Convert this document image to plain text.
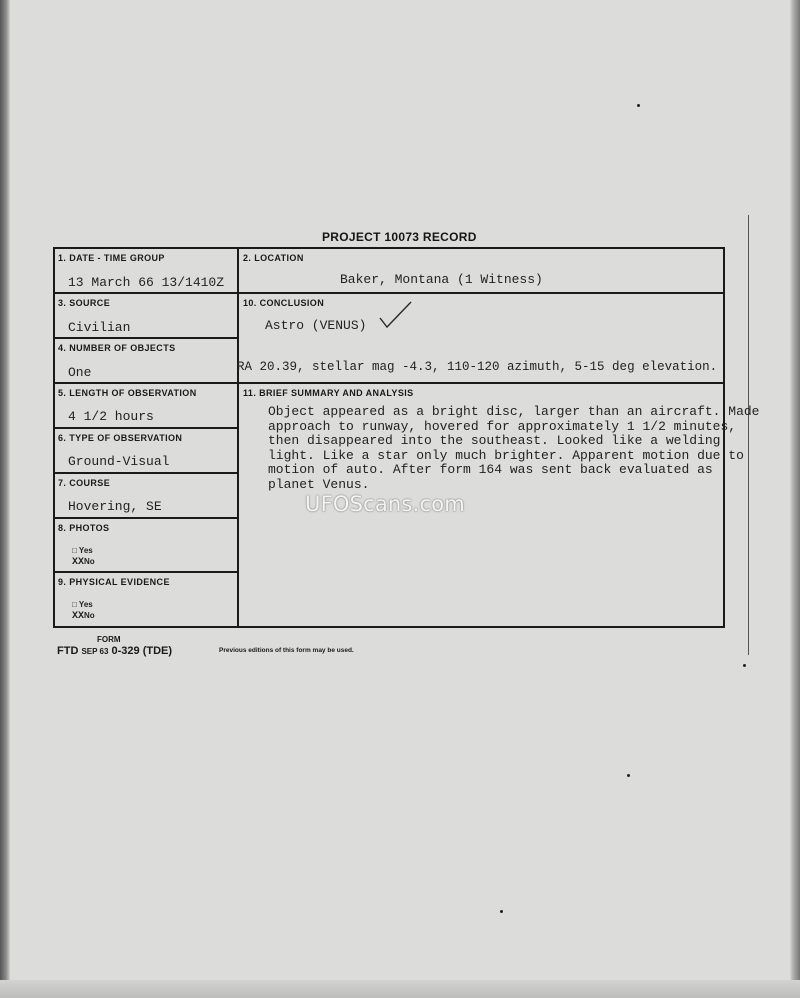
PROJECT 10073 RECORD
1. DATE - TIME GROUP
13 March 66 13/1410Z
2. LOCATION
Baker, Montana (1 Witness)
3. SOURCE
Civilian
10. CONCLUSION
Astro (VENUS)
4. NUMBER OF OBJECTS
One	RA 20.39, stellar mag -4.3, 110-120 azimuth, 5-15 deg elevation.
5. LENGTH OF OBSERVATION
4 1/2 hours
11. BRIEF SUMMARY AND ANALYSIS
Object appeared as a bright disc, larger than an aircraft. Made
approach to runway, hovered for approximately 1 1/2 minutes,
then disappeared into the southeast. Looked like a welding
light. Like a star only much brighter. Apparent motion due to
motion of auto. After form 164 was sent back evaluated as
planet Venus.
6. TYPE OF OBSERVATION
Ground-Visual
7. COURSE
Hovering, SE
8. PHOTOS
□ Yes
XXNo
9. PHYSICAL EVIDENCE
□ Yes
XXNo
UFOScans.com
FORM
FTD SEP 63 0-329 (TDE)	Previous editions of this form may be used.
